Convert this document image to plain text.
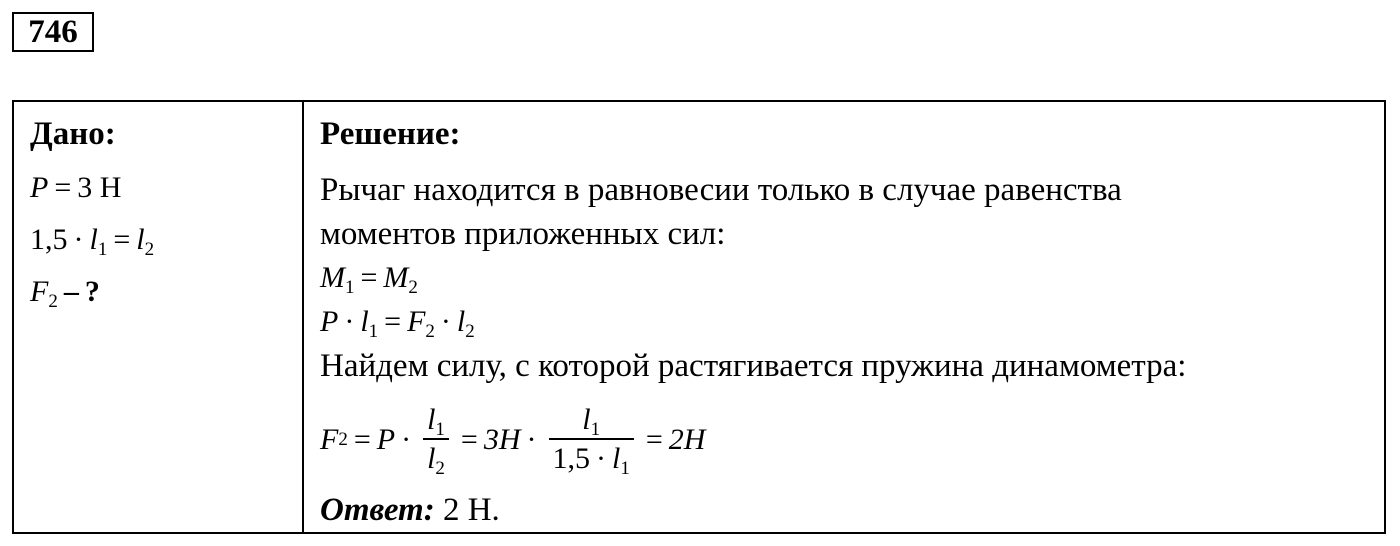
746
Дано:
P = 3 Н
$1,5 \cdot l_1 = l_2$
$F_2$ – ?

Решение:
Рычаг находится в равновесии только в случае равенства
моментов приложенных сил:
$M_1 = M_2$
$P \cdot l_1 = F_2 \cdot l_2$
Найдем силу, с которой растягивается пружина динамометра:
F $2 = P \cdot \frac{l_1}{l_2} = 3H \cdot \frac{l_1}{1,5 \cdot l_1} = 2H$
Ответ: 2 Н.
